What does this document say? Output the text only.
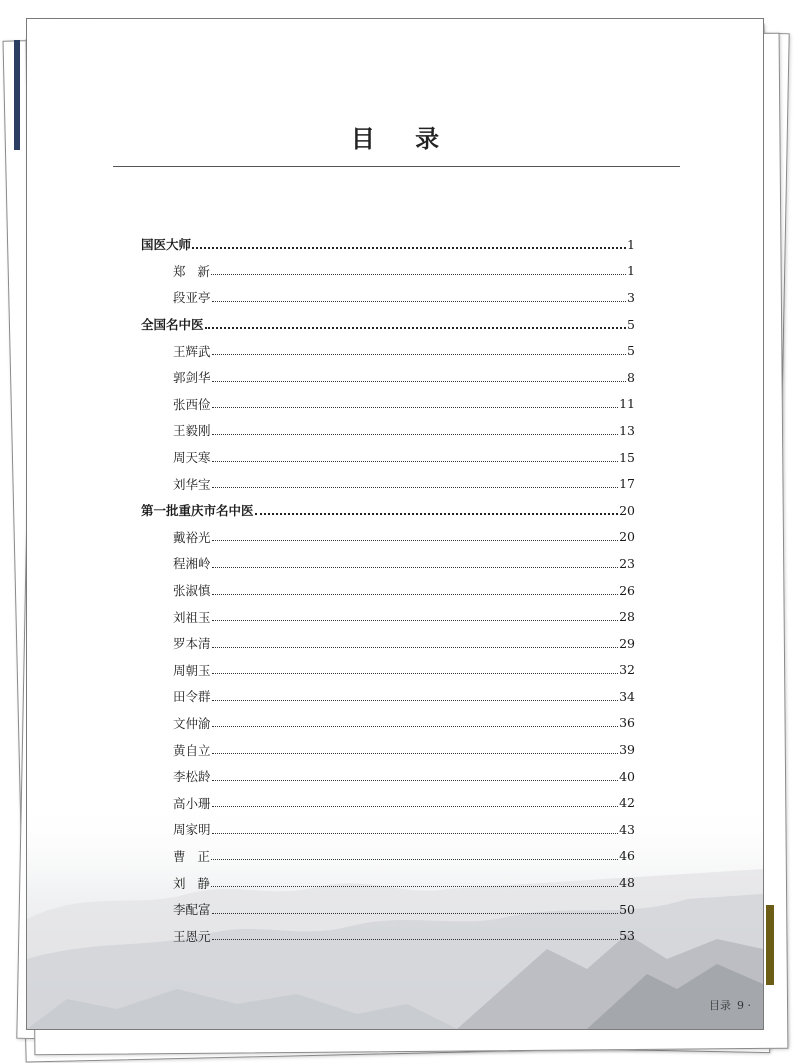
目 录
国医大师	1
郑   新	1
段亚亭	3
全国名中医	5
王辉武	5
郭剑华	8
张西俭	11
王毅刚	13
周天寒	15
刘华宝	17
第一批重庆市名中医	20
戴裕光	20
程湘岭	23
张淑慎	26
刘祖玉	28
罗本清	29
周朝玉	32
田令群	34
文仲渝	36
黄自立	39
李松龄	40
高小珊	42
周家明	43
曹   正	46
刘   静	48
李配富	50
王恩元	53
目录 9 ·
